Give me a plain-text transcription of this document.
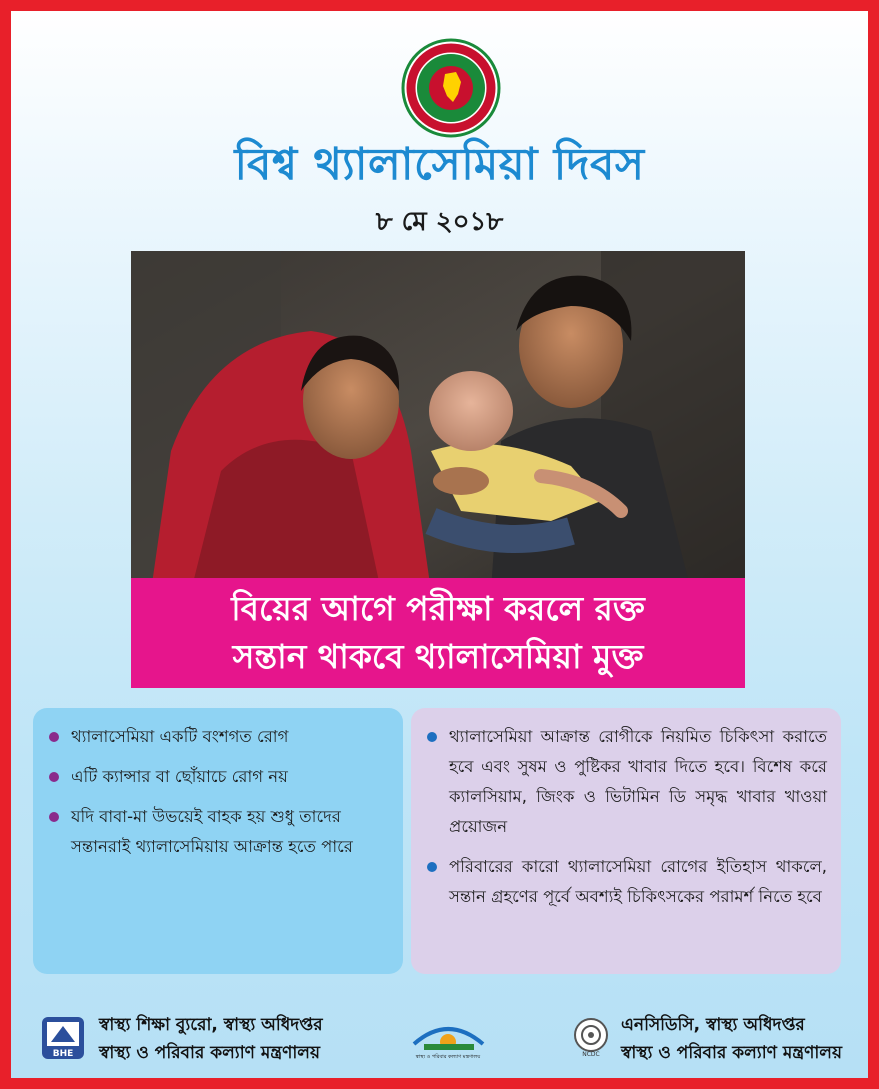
বিশ্ব থ্যালাসেমিয়া দিবস
৮ মে ২০১৮
বিয়ের আগে পরীক্ষা করলে রক্ত
সন্তান থাকবে থ্যালাসেমিয়া মুক্ত
থ্যালাসেমিয়া একটি বংশগত রোগ
এটি ক্যান্সার বা ছোঁয়াচে রোগ নয়
যদি বাবা-মা উভয়েই বাহক হয় শুধু তাদের সন্তানরাই থ্যালাসেমিয়ায় আক্রান্ত হতে পারে
থ্যালাসেমিয়া আক্রান্ত রোগীকে নিয়মিত চিকিৎসা করাতে হবে এবং সুষম ও পুষ্টিকর খাবার দিতে হবে। বিশেষ করে ক্যালসিয়াম, জিংক ও ভিটামিন ডি সমৃদ্ধ খাবার খাওয়া প্রয়োজন
পরিবারের কারো থ্যালাসেমিয়া রোগের ইতিহাস থাকলে, সন্তান গ্রহণের পূর্বে অবশ্যই চিকিৎসকের পরামর্শ নিতে হবে
BHE
স্বাস্থ্য শিক্ষা ব্যুরো, স্বাস্থ্য অধিদপ্তর
স্বাস্থ্য ও পরিবার কল্যাণ মন্ত্রণালয়	স্বাস্থ্য ও পরিবার কল্যাণ মন্ত্রণালয়	NCDC
এনসিডিসি, স্বাস্থ্য অধিদপ্তর
স্বাস্থ্য ও পরিবার কল্যাণ মন্ত্রণালয়
